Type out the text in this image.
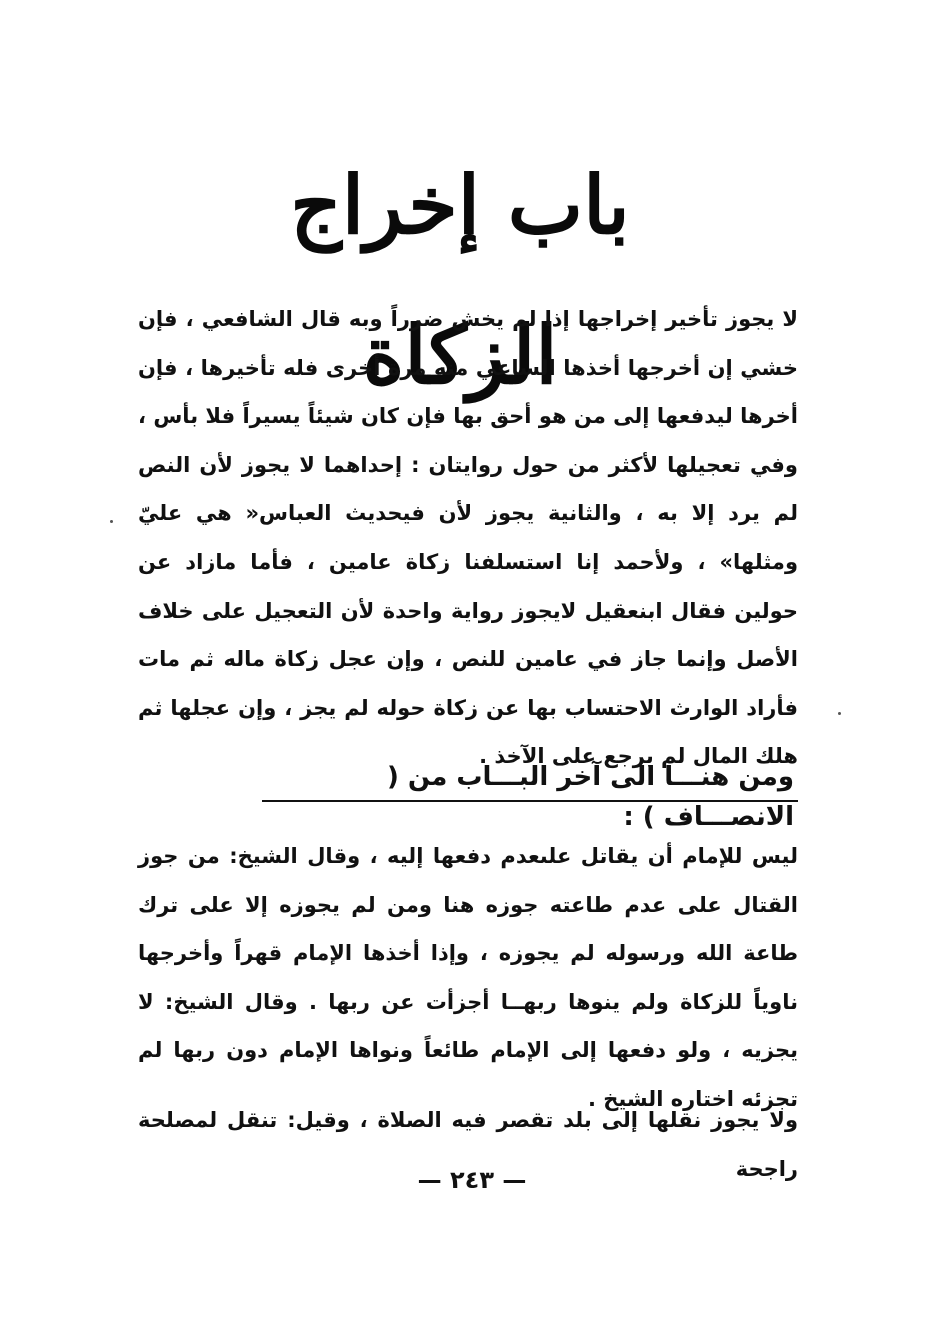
باب إخراج الزكاة

لا يجوز تأخير إخراجها إذا لم يخش ضرراً وبه قال الشافعي ، فإن خشي إن أخرجها أخذها الساعي منه مرة أخرى فله تأخيرها ، فإن أخرها ليدفعها إلى من هو أحق بها فإن كان شيئاً يسيراً فلا بأس ، وفي تعجيلها لأكثر من حول روايتان : إحداهما لا يجوز لأن النص لم يرد إلا به ، والثانية يجوز لأن فيحديث العباس« هي عليّ ومثلها» ، ولأحمد إنا استسلفنا زكاة عامين ، فأما مازاد عن حولين فقال ابنعقيل لايجوز رواية واحدة لأن التعجيل على خلاف الأصل وإنما جاز في عامين للنص ، وإن عجل زكاة ماله ثم مات فأراد الوارث الاحتساب بها عن زكاة حوله لم يجز ، وإن عجلها ثم هلك المال لم يرجع على الآخذ .

ومن هنـــا الى آخر البـــاب من ( الانصـــاف ) :

ليس للإمام أن يقاتل علىعدم دفعها إليه ، وقال الشيخ: من جوز القتال على عدم طاعته جوزه هنا ومن لم يجوزه إلا على ترك طاعة الله ورسوله لم يجوزه ، وإذا أخذها الإمام قهراً وأخرجها ناوياً للزكاة ولم ينوها ربهــا أجزأت عن ربها . وقال الشيخ: لا يجزيه ، ولو دفعها إلى الإمام طائعاً ونواها الإمام دون ربها لم تجزئه اختاره الشيخ .

ولا يجوز نقلها إلى بلد تقصر فيه الصلاة ، وقيل: تنقل لمصلحة راجحة

— ٢٤٣ —
